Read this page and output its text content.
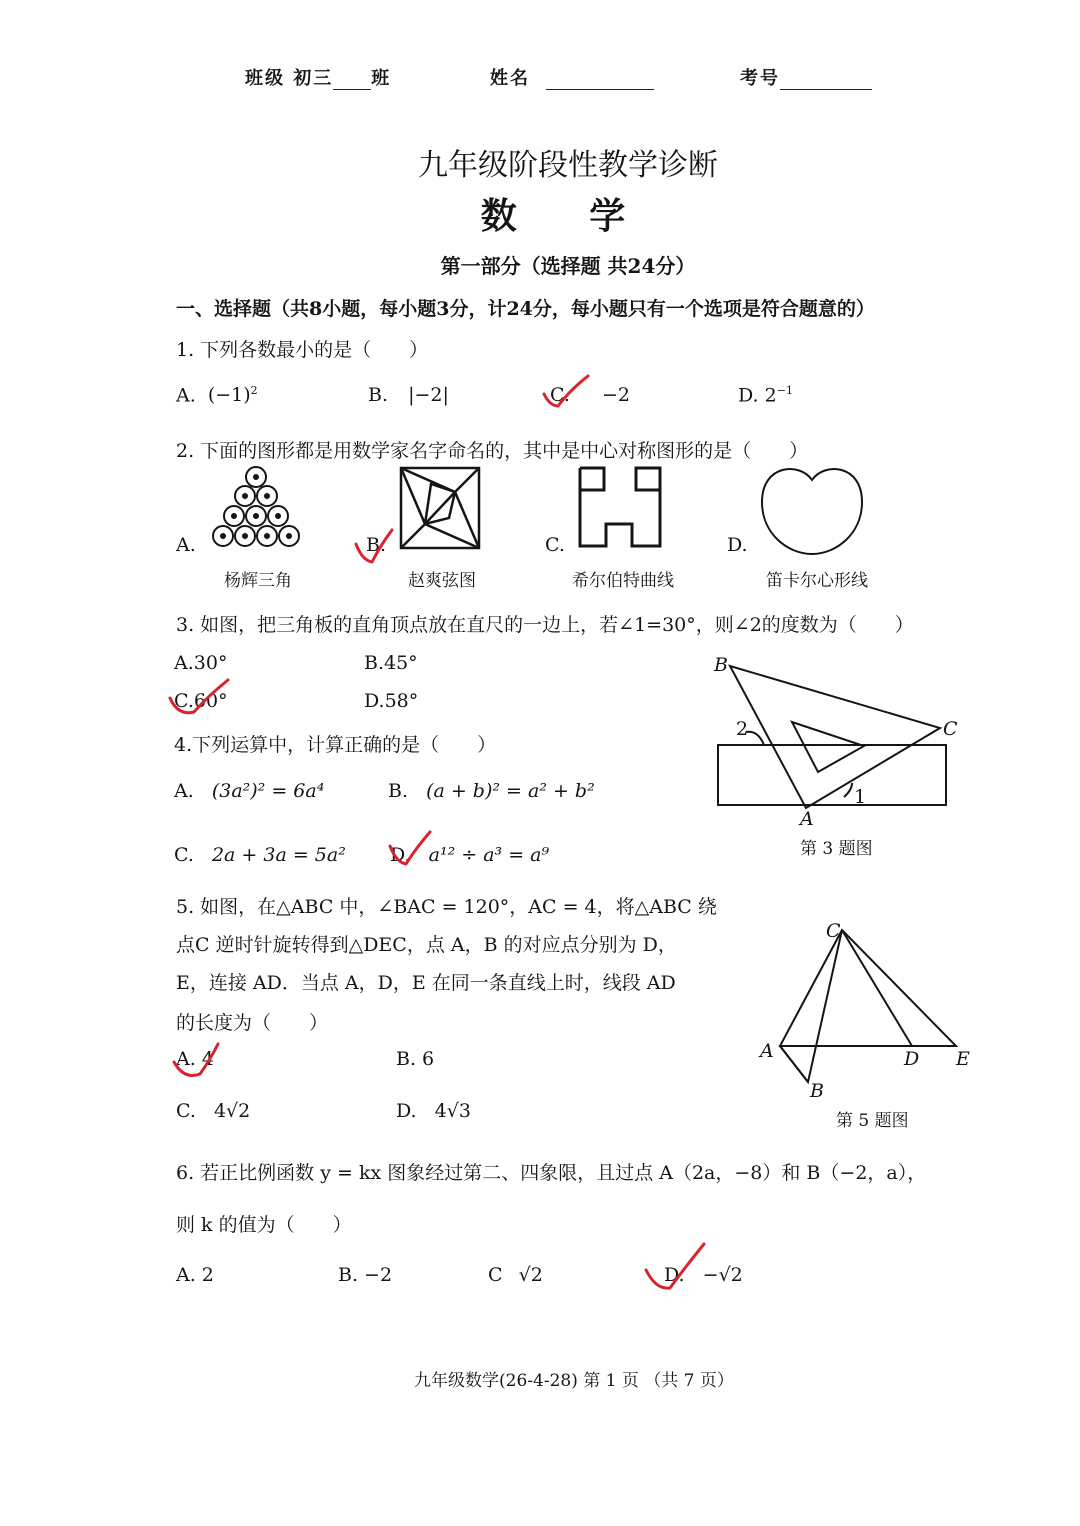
班级 初三 班	姓名	考号
九年级阶段性教学诊断
数 学
第一部分（选择题 共24分）
一、选择题（共8小题，每小题3分，计24分，每小题只有一个选项是符合题意的）
1. 下列各数最小的是（　　）
A. $(-1)^2$	B. |−2|	C. −2	D. $2^{-1}$
2. 下面的图形都是用数学家名字命名的，其中是中心对称图形的是（　　）
A.	B.	C.	D.
杨辉三角	赵爽弦图	希尔伯特曲线	笛卡尔心形线
3. 如图，把三角板的直角顶点放在直尺的一边上，若∠1=30°，则∠2的度数为（　　）
A.30°	B.45°
C.60°	D.58°
B
C
A
1
2
第 3 题图
4.下列运算中，计算正确的是（　　）
A. (3a²)² = 6a⁴	B. (a + b)² = a² + b²
C. 2a + 3a = 5a² D. a¹² ÷ a³ = a⁹
5. 如图，在△ABC 中，∠BAC = 120°，AC = 4，将△ABC 绕
点C 逆时针旋转得到△DEC，点 A，B 的对应点分别为 D，
E，连接 AD．当点 A，D，E 在同一条直线上时，线段 AD
的长度为（　　）
A. 4	B. 6
C. 4√2	D. 4√3
C
A
B
D E
第 5 题图
6. 若正比例函数 y = kx 图象经过第二、四象限，且过点 A（2a，−8）和 B（−2，a），
则 k 的值为（　　）
A. 2	B. −2	C √2	D. −√2
九年级数学(26-4-28) 第 1 页 （共 7 页）
